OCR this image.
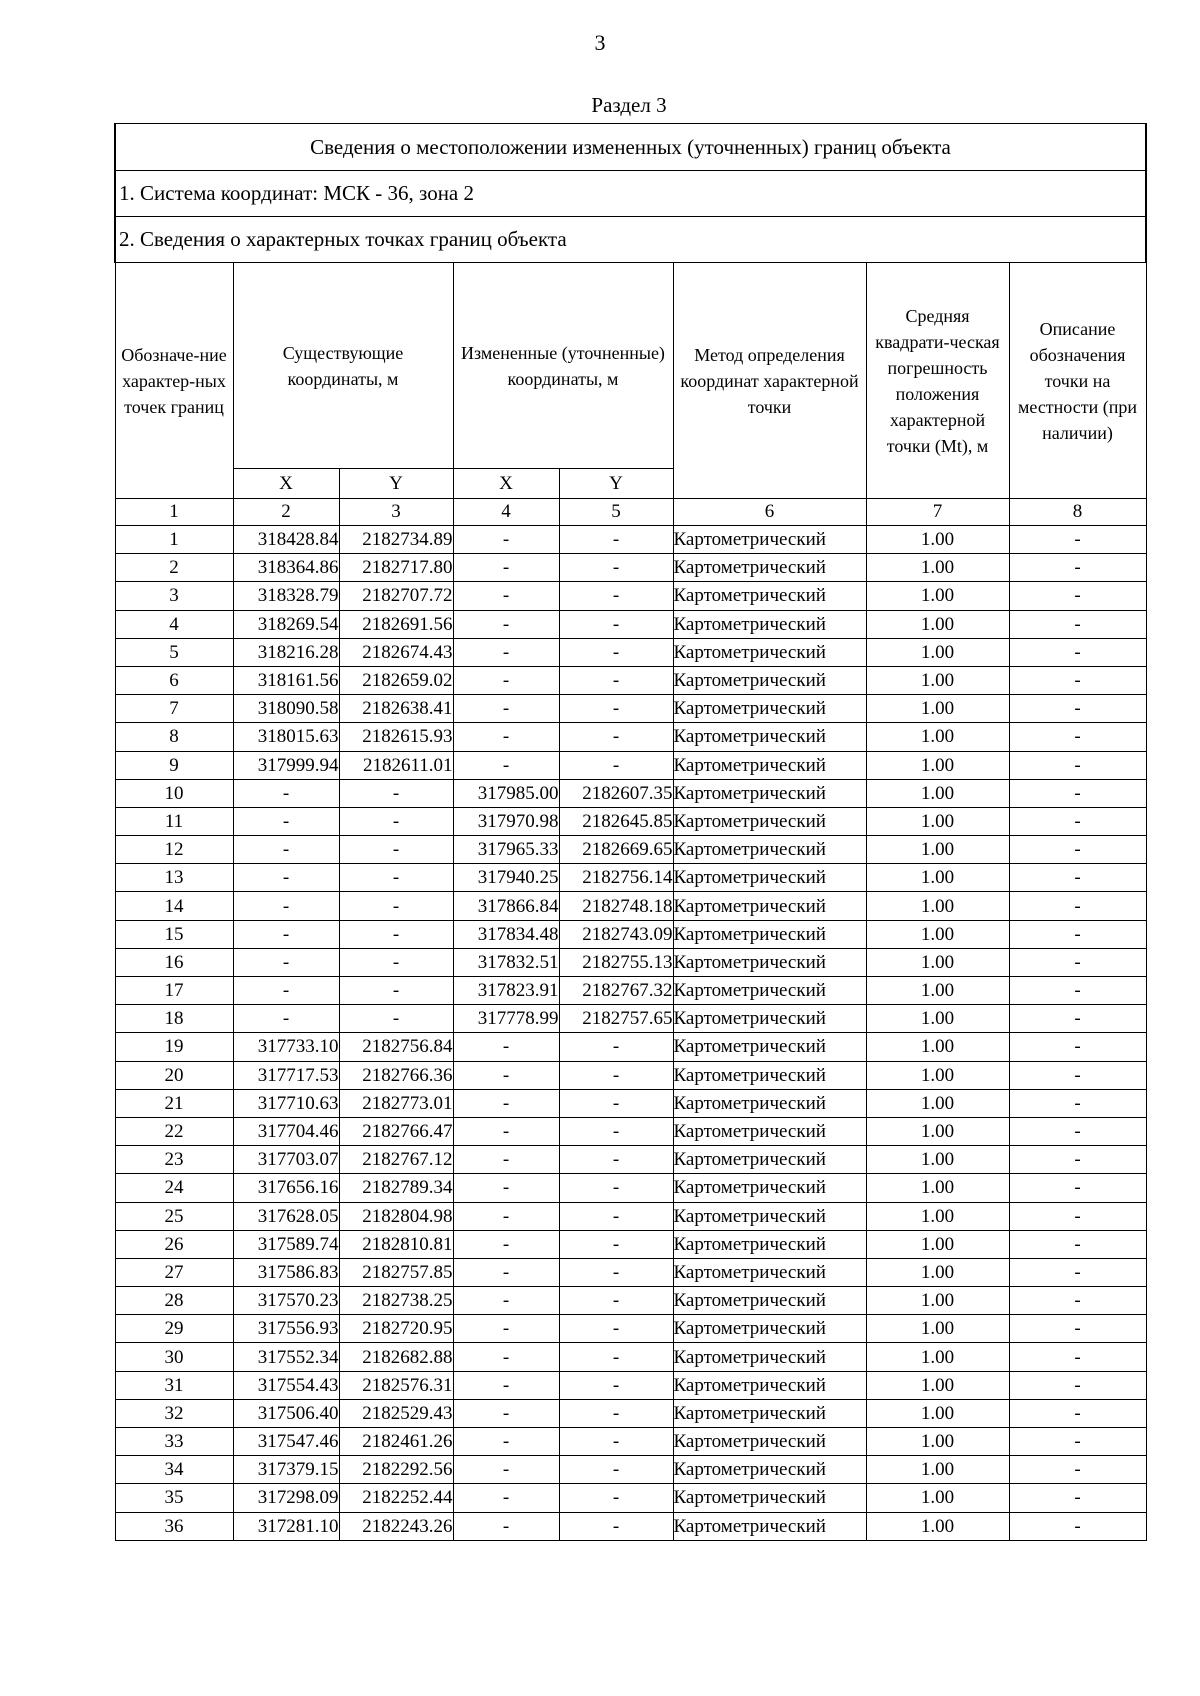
3
Раздел 3
Сведения о местоположении измененных (уточненных) границ объекта							
1. Система координат: МСК - 36, зона 2							
2. Сведения о характерных точках границ объекта							
Обозначе-ние характер-ных точек границ	Существующие координаты, м		Измененные (уточненные) координаты, м		Метод определения координат характерной точки	Средняя квадрати-ческая погрешность положения характерной точки (Mt), м	Описание обозначения точки на местности (при наличии)
	X	Y	X	Y			
1	2	3	4	5	6	7	8
1	318428.84	2182734.89	-	-	Картометрический	1.00	-
2	318364.86	2182717.80	-	-	Картометрический	1.00	-
3	318328.79	2182707.72	-	-	Картометрический	1.00	-
4	318269.54	2182691.56	-	-	Картометрический	1.00	-
5	318216.28	2182674.43	-	-	Картометрический	1.00	-
6	318161.56	2182659.02	-	-	Картометрический	1.00	-
7	318090.58	2182638.41	-	-	Картометрический	1.00	-
8	318015.63	2182615.93	-	-	Картометрический	1.00	-
9	317999.94	2182611.01	-	-	Картометрический	1.00	-
10	-	-	317985.00	2182607.35	Картометрический	1.00	-
11	-	-	317970.98	2182645.85	Картометрический	1.00	-
12	-	-	317965.33	2182669.65	Картометрический	1.00	-
13	-	-	317940.25	2182756.14	Картометрический	1.00	-
14	-	-	317866.84	2182748.18	Картометрический	1.00	-
15	-	-	317834.48	2182743.09	Картометрический	1.00	-
16	-	-	317832.51	2182755.13	Картометрический	1.00	-
17	-	-	317823.91	2182767.32	Картометрический	1.00	-
18	-	-	317778.99	2182757.65	Картометрический	1.00	-
19	317733.10	2182756.84	-	-	Картометрический	1.00	-
20	317717.53	2182766.36	-	-	Картометрический	1.00	-
21	317710.63	2182773.01	-	-	Картометрический	1.00	-
22	317704.46	2182766.47	-	-	Картометрический	1.00	-
23	317703.07	2182767.12	-	-	Картометрический	1.00	-
24	317656.16	2182789.34	-	-	Картометрический	1.00	-
25	317628.05	2182804.98	-	-	Картометрический	1.00	-
26	317589.74	2182810.81	-	-	Картометрический	1.00	-
27	317586.83	2182757.85	-	-	Картометрический	1.00	-
28	317570.23	2182738.25	-	-	Картометрический	1.00	-
29	317556.93	2182720.95	-	-	Картометрический	1.00	-
30	317552.34	2182682.88	-	-	Картометрический	1.00	-
31	317554.43	2182576.31	-	-	Картометрический	1.00	-
32	317506.40	2182529.43	-	-	Картометрический	1.00	-
33	317547.46	2182461.26	-	-	Картометрический	1.00	-
34	317379.15	2182292.56	-	-	Картометрический	1.00	-
35	317298.09	2182252.44	-	-	Картометрический	1.00	-
36	317281.10	2182243.26	-	-	Картометрический	1.00	-
